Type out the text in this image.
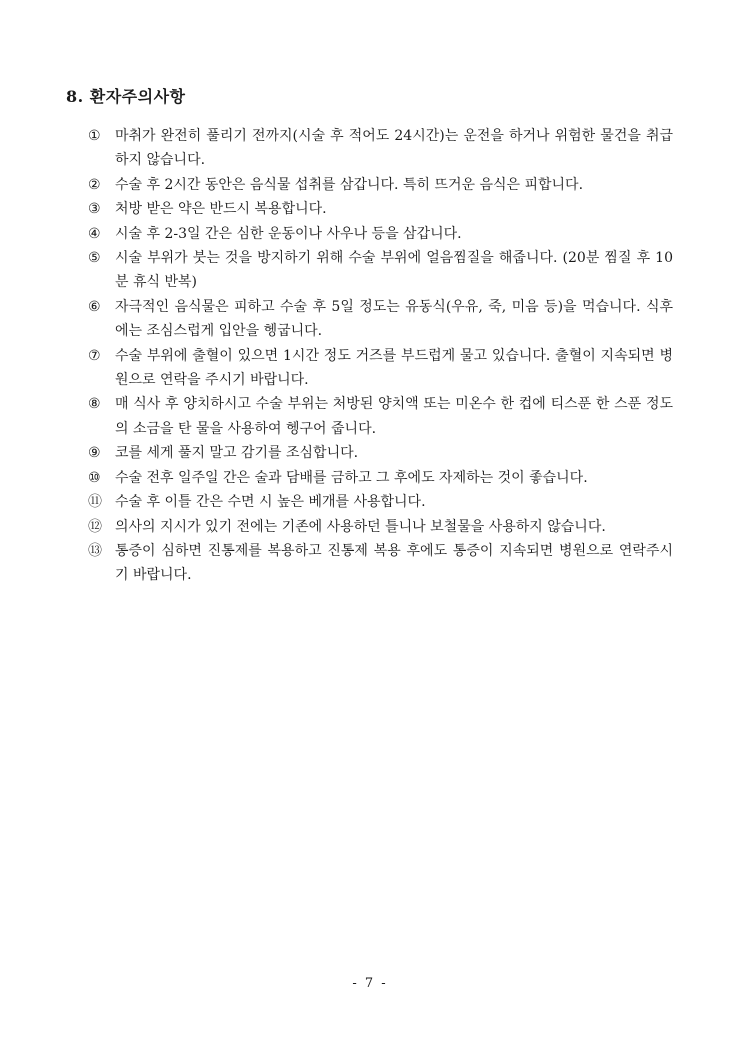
8. 환자주의사항
①	마취가 완전히 풀리기 전까지(시술 후 적어도 24시간)는 운전을 하거나 위험한 물건을 취급하지 않습니다.
②	수술 후 2시간 동안은 음식물 섭취를 삼갑니다. 특히 뜨거운 음식은 피합니다.
③	처방 받은 약은 반드시 복용합니다.
④	시술 후 2-3일 간은 심한 운동이나 사우나 등을 삼갑니다.
⑤	시술 부위가 붓는 것을 방지하기 위해 수술 부위에 얼음찜질을 해줍니다. (20분 찜질 후 10분 휴식 반복)
⑥	자극적인 음식물은 피하고 수술 후 5일 정도는 유동식(우유, 죽, 미음 등)을 먹습니다. 식후에는 조심스럽게 입안을 헹굽니다.
⑦	수술 부위에 출혈이 있으면 1시간 정도 거즈를 부드럽게 물고 있습니다. 출혈이 지속되면 병원으로 연락을 주시기 바랍니다.
⑧	매 식사 후 양치하시고 수술 부위는 처방된 양치액 또는 미온수 한 컵에 티스푼 한 스푼 정도의 소금을 탄 물을 사용하여 헹구어 줍니다.
⑨	코를 세게 풀지 말고 감기를 조심합니다.
⑩	수술 전후 일주일 간은 술과 담배를 금하고 그 후에도 자제하는 것이 좋습니다.
⑪ 수술 후 이틀 간은 수면 시 높은 베개를 사용합니다.
⑫ 의사의 지시가 있기 전에는 기존에 사용하던 틀니나 보철물을 사용하지 않습니다.
⑬ 통증이 심하면 진통제를 복용하고 진통제 복용 후에도 통증이 지속되면 병원으로 연락주시기 바랍니다.
- 7 -
